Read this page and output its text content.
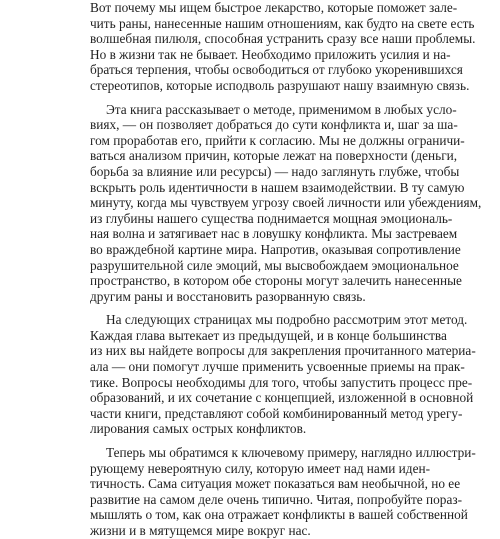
Вот почему мы ищем быстрое лекарство, которые поможет зале-
чить раны, нанесенные нашим отношениям, как будто на свете есть
волшебная пилюля, способная устранить сразу все наши проблемы.
Но в жизни так не бывает. Необходимо приложить усилия и на-
браться терпения, чтобы освободиться от глубоко укоренившихся
стереотипов, которые исподволь разрушают нашу взаимную связь.

Эта книга рассказывает о методе, применимом в любых усло-
виях, — он позволяет добраться до сути конфликта и, шаг за ша-
гом проработав его, прийти к согласию. Мы не должны ограничи-
ваться анализом причин, которые лежат на поверхности (деньги,
борьба за влияние или ресурсы) — надо заглянуть глубже, чтобы
вскрыть роль идентичности в нашем взаимодействии. В ту самую
минуту, когда мы чувствуем угрозу своей личности или убеждениям,
из глубины нашего существа поднимается мощная эмоциональ-
ная волна и затягивает нас в ловушку конфликта. Мы застреваем
во враждебной картине мира. Напротив, оказывая сопротивление
разрушительной силе эмоций, мы высвобождаем эмоциональное
пространство, в котором обе стороны могут залечить нанесенные
другим раны и восстановить разорванную связь.

На следующих страницах мы подробно рассмотрим этот метод.
Каждая глава вытекает из предыдущей, и в конце большинства
из них вы найдете вопросы для закрепления прочитанного материа-
ала — они помогут лучше применить усвоенные приемы на прак-
тике. Вопросы необходимы для того, чтобы запустить процесс пре-
образований, и их сочетание с концепцией, изложенной в основной
части книги, представляют собой комбинированный метод урегу-
лирования самых острых конфликтов.

Теперь мы обратимся к ключевому примеру, наглядно иллюстри-
рующему невероятную силу, которую имеет над нами иден-
тичность. Сама ситуация может показаться вам необычной, но ее
развитие на самом деле очень типично. Читая, попробуйте пораз-
мышлять о том, как она отражает конфликты в вашей собственной
жизни и в мятущемся мире вокруг нас.
